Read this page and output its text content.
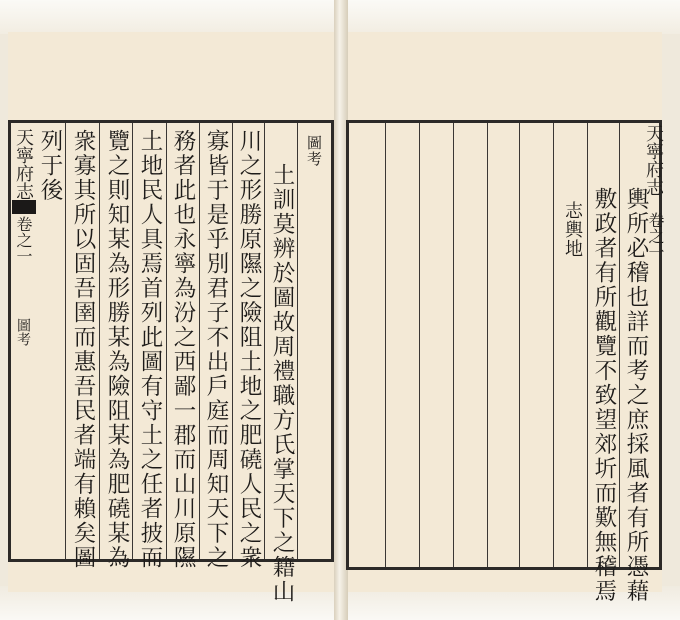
圖考
土訓莫辨於圖故周禮職方氏掌天下之籍山
川之形勝原隰之險阻土地之肥磽人民之衆
寡皆于是乎別君子不出戶庭而周知天下之
務者此也永寧為汾之西鄙一郡而山川原隰
土地民人具焉首列此圖有守土之任者披而
覽之則知某為形勝某為險阻某為肥磽某為
衆寡其所以固吾圉而惠吾民者端有賴矣圖
列于後
天寧府志
卷之一
圖考	輿所必稽也詳而考之庶採風者有所憑藉
敷政者有所觀覽不致望郊圻而歎無稽焉
志輿地
天寧府志
卷之一
